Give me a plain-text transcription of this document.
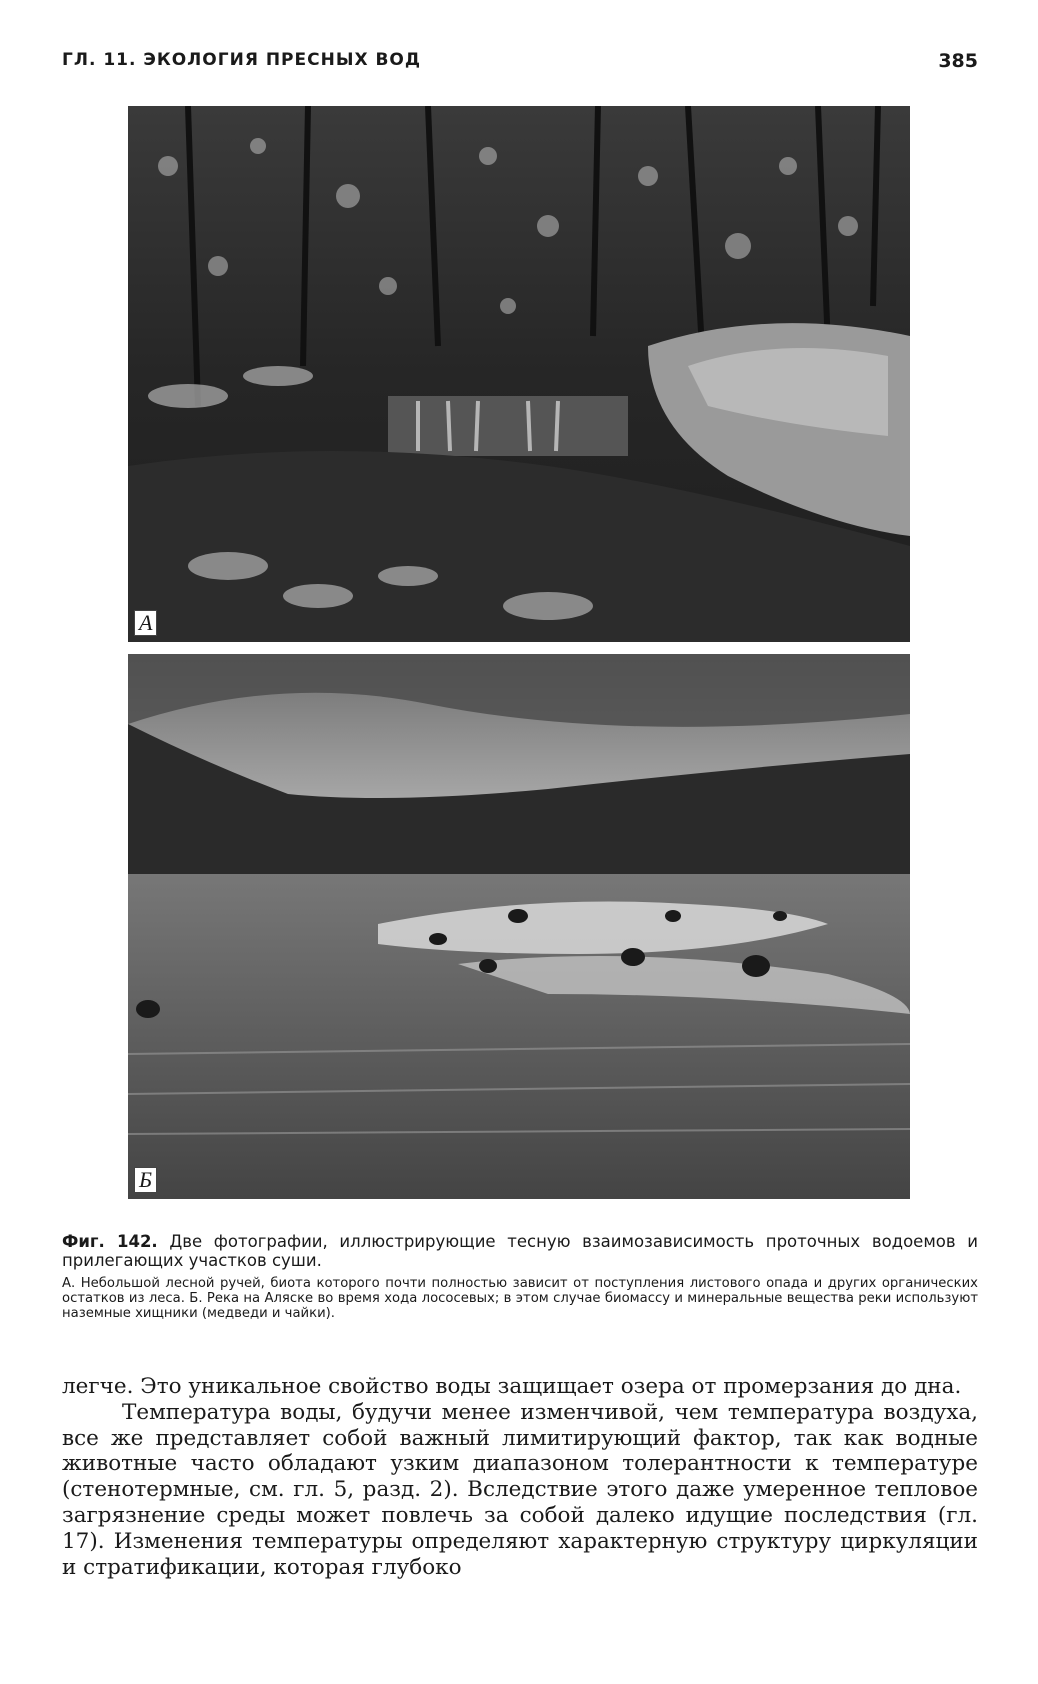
ГЛ. 11. ЭКОЛОГИЯ ПРЕСНЫХ ВОД	385
А
Б
Фиг. 142. Две фотографии, иллюстрирующие тесную взаимозависимость проточных водоемов и прилегающих участков суши.
А. Небольшой лесной ручей, биота которого почти полностью зависит от поступления листового опада и других органических остатков из леса. Б. Река на Аляске во время хода лососевых; в этом случае биомассу и минеральные вещества реки используют наземные хищники (медведи и чайки).

легче. Это уникальное свойство воды защищает озера от промерзания до дна.

Температура воды, будучи менее изменчивой, чем температура воздуха, все же представляет собой важный лимитирующий фактор, так как водные животные часто обладают узким диапазоном толерантности к температуре (стенотермные, см. гл. 5, разд. 2). Вследствие этого даже умеренное тепловое загрязнение среды может повлечь за собой далеко идущие последствия (гл. 17). Изменения температуры определяют характерную структуру циркуляции и стратификации, которая глубоко
